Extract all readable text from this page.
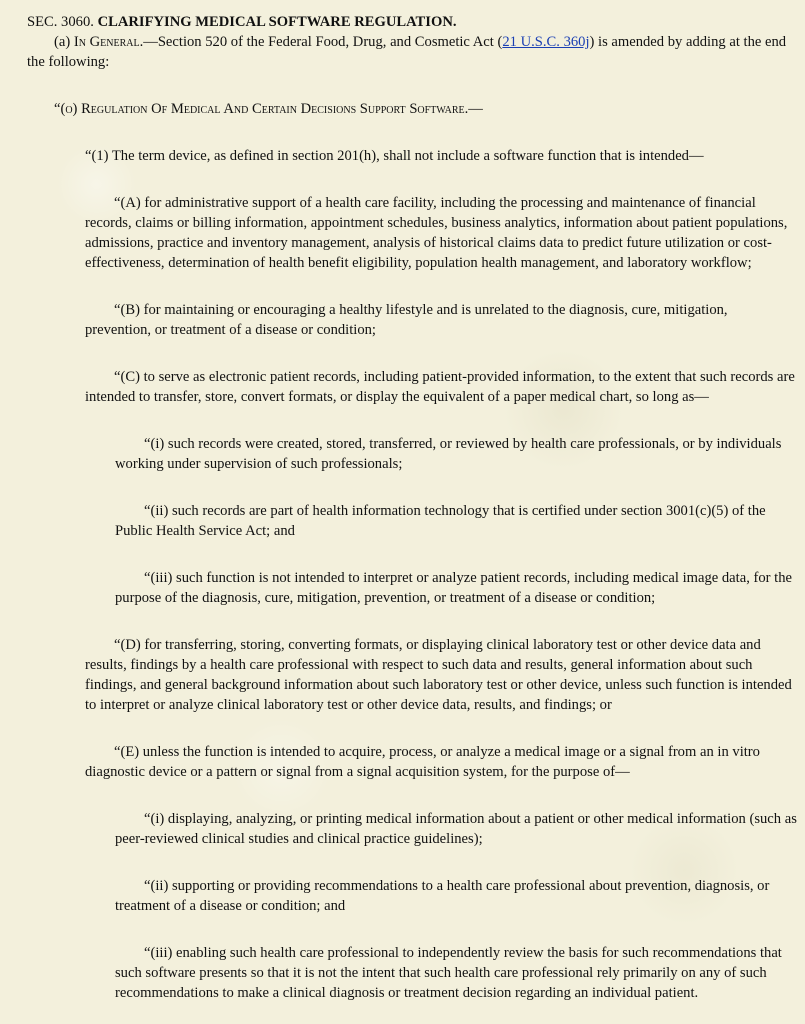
SEC. 3060. CLARIFYING MEDICAL SOFTWARE REGULATION.

(a) In General.—Section 520 of the Federal Food, Drug, and Cosmetic Act (21 U.S.C. 360j) is amended by adding at the end the following:

“(o) Regulation Of Medical And Certain Decisions Support Software.—

“(1) The term device, as defined in section 201(h), shall not include a software function that is intended—

“(A) for administrative support of a health care facility, including the processing and maintenance of financial records, claims or billing information, appointment schedules, business analytics, information about patient populations, admissions, practice and inventory management, analysis of historical claims data to predict future utilization or cost-effectiveness, determination of health benefit eligibility, population health management, and laboratory workflow;

“(B) for maintaining or encouraging a healthy lifestyle and is unrelated to the diagnosis, cure, mitigation, prevention, or treatment of a disease or condition;

“(C) to serve as electronic patient records, including patient-provided information, to the extent that such records are intended to transfer, store, convert formats, or display the equivalent of a paper medical chart, so long as—

“(i) such records were created, stored, transferred, or reviewed by health care professionals, or by individuals working under supervision of such professionals;

“(ii) such records are part of health information technology that is certified under section 3001(c)(5) of the Public Health Service Act; and

“(iii) such function is not intended to interpret or analyze patient records, including medical image data, for the purpose of the diagnosis, cure, mitigation, prevention, or treatment of a disease or condition;

“(D) for transferring, storing, converting formats, or displaying clinical laboratory test or other device data and results, findings by a health care professional with respect to such data and results, general information about such findings, and general background information about such laboratory test or other device, unless such function is intended to interpret or analyze clinical laboratory test or other device data, results, and findings; or

“(E) unless the function is intended to acquire, process, or analyze a medical image or a signal from an in vitro diagnostic device or a pattern or signal from a signal acquisition system, for the purpose of—

“(i) displaying, analyzing, or printing medical information about a patient or other medical information (such as peer-reviewed clinical studies and clinical practice guidelines);

“(ii) supporting or providing recommendations to a health care professional about prevention, diagnosis, or treatment of a disease or condition; and

“(iii) enabling such health care professional to independently review the basis for such recommendations that such software presents so that it is not the intent that such health care professional rely primarily on any of such recommendations to make a clinical diagnosis or treatment decision regarding an individual patient.
